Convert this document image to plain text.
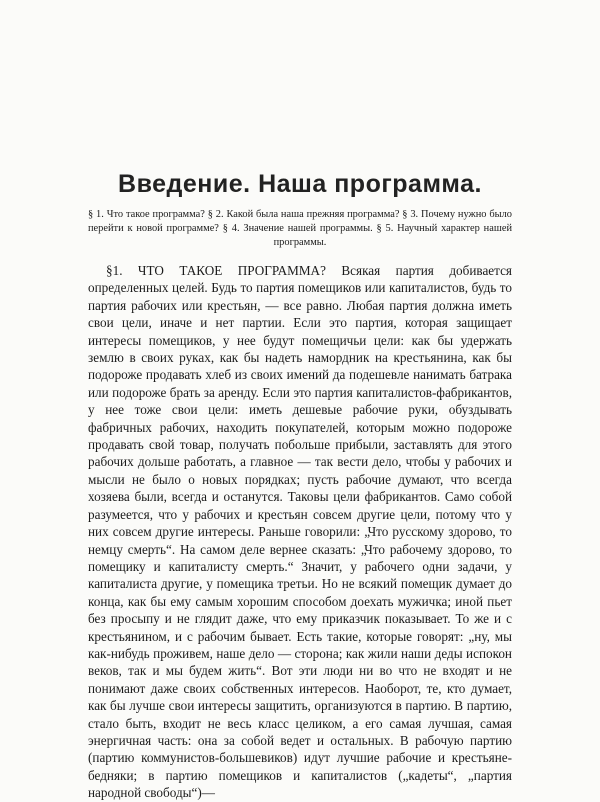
Введение. Наша программа.
§ 1. Что такое программа? § 2. Какой была наша прежняя программа? § 3. Почему нужно было перейти к новой программе? § 4. Значение нашей программы. § 5. Научный характер нашей программы.

§1. ЧТО ТАКОЕ ПРОГРАММА? Всякая партия добивается определенных целей. Будь то партия помещиков или капиталистов, будь то партия рабочих или крестьян, — все равно. Любая партия должна иметь свои цели, иначе и нет партии. Если это партия, которая защищает интересы помещиков, у нее будут помещичьи цели: как бы удержать землю в своих руках, как бы надеть намордник на крестьянина, как бы подороже продавать хлеб из своих имений да подешевле нанимать батрака или подороже брать за аренду. Если это партия капиталистов-фабрикантов, у нее тоже свои цели: иметь дешевые рабочие руки, обуздывать фабричных рабочих, находить покупателей, которым можно подороже продавать свой товар, получать побольше прибыли, заставлять для этого рабочих дольше работать, а главное — так вести дело, чтобы у рабочих и мысли не было о новых порядках; пусть рабочие думают, что всегда хозяева были, всегда и останутся. Таковы цели фабрикантов. Само собой разумеется, что у рабочих и крестьян совсем другие цели, потому что у них совсем другие интересы. Раньше говорили: „Что русскому здорово, то немцу смерть“. На самом деле вернее сказать: „Что рабочему здорово, то помещику и капиталисту смерть.“ Значит, у рабочего одни задачи, у капиталиста другие, у помещика третьи. Но не всякий помещик думает до конца, как бы ему самым хорошим способом доехать мужичка; иной пьет без просыпу и не глядит даже, что ему приказчик показывает. То же и с крестьянином, и с рабочим бывает. Есть такие, которые говорят: „ну, мы как-нибудь проживем, наше дело — сторона; как жили наши деды испокон веков, так и мы будем жить“. Вот эти люди ни во что не входят и не понимают даже своих собственных интересов. Наоборот, те, кто думает, как бы лучше свои интересы защитить, организуются в партию. В партию, стало быть, входит не весь класс целиком, а его самая лучшая, самая энергичная часть: она за собой ведет и остальных. В рабочую партию (партию коммунистов-большевиков) идут лучшие рабочие и крестьяне-бедняки; в партию помещиков и капиталистов („кадеты“, „партия народной свободы“)—
